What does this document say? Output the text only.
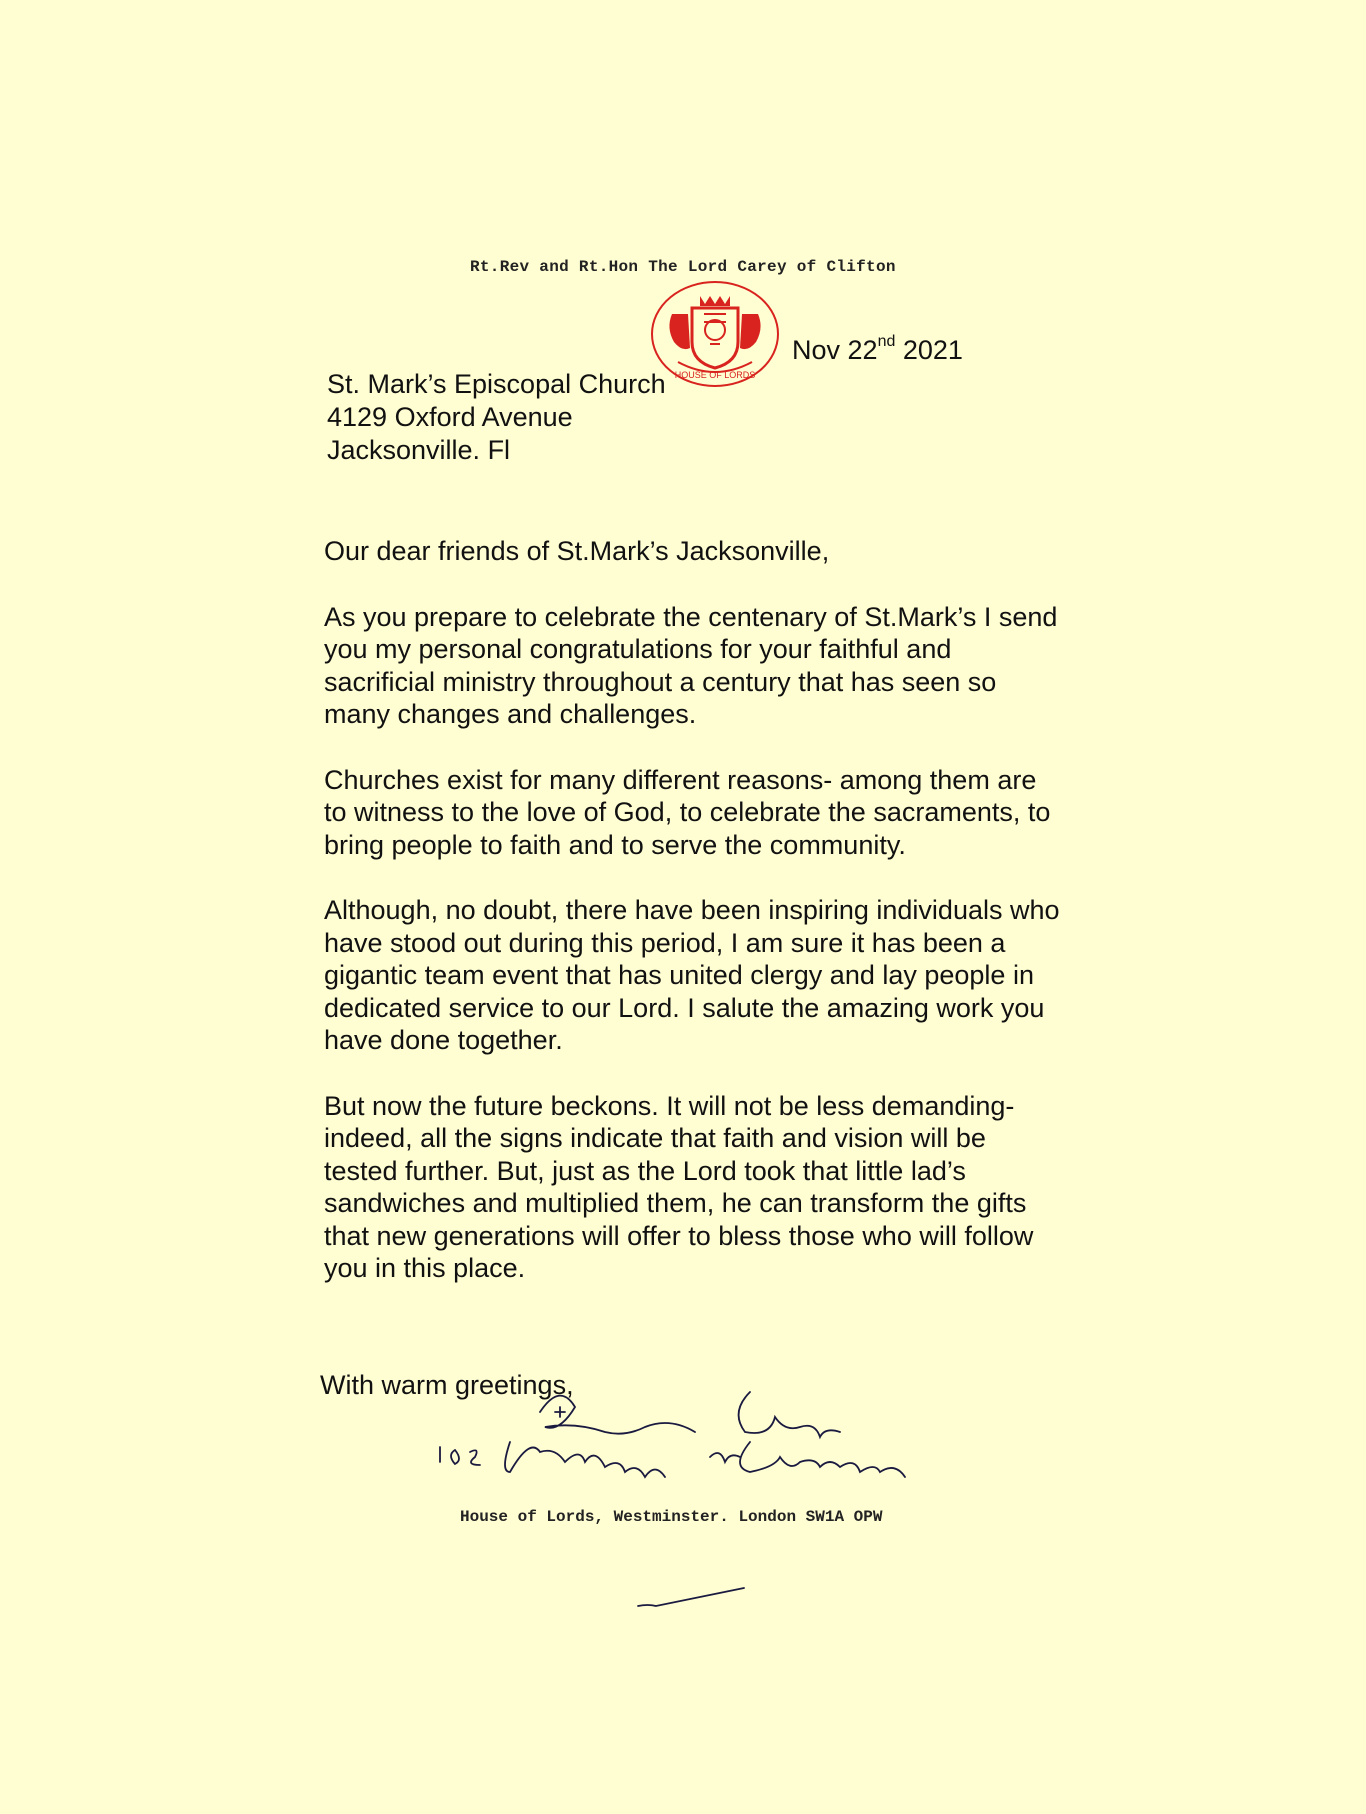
Rt.Rev and Rt.Hon The Lord Carey of Clifton
HOUSE OF LORDS
Nov 22nd 2021
St. Mark’s Episcopal Church
4129 Oxford Avenue
Jacksonville. Fl

Our dear friends of St.Mark’s Jacksonville,

As you prepare to celebrate the centenary of St.Mark’s I send you my personal congratulations for your faithful and sacrificial ministry throughout a century that has seen so many changes and challenges.

Churches exist for many different reasons- among them are to witness to the love of God, to celebrate the sacraments, to bring people to faith and to serve the community.

Although, no doubt, there have been inspiring individuals who have stood out during this period, I am sure it has been a gigantic team event that has united clergy and lay people in dedicated service to our Lord. I salute the amazing work you have done together.

But now the future beckons. It will not be less demanding- indeed, all the signs indicate that faith and vision will be tested further. But, just as the Lord took that little lad’s sandwiches and multiplied them, he can transform the gifts that new generations will offer to bless those who will follow you in this place.

With warm greetings,
House of Lords, Westminster. London SW1A OPW
